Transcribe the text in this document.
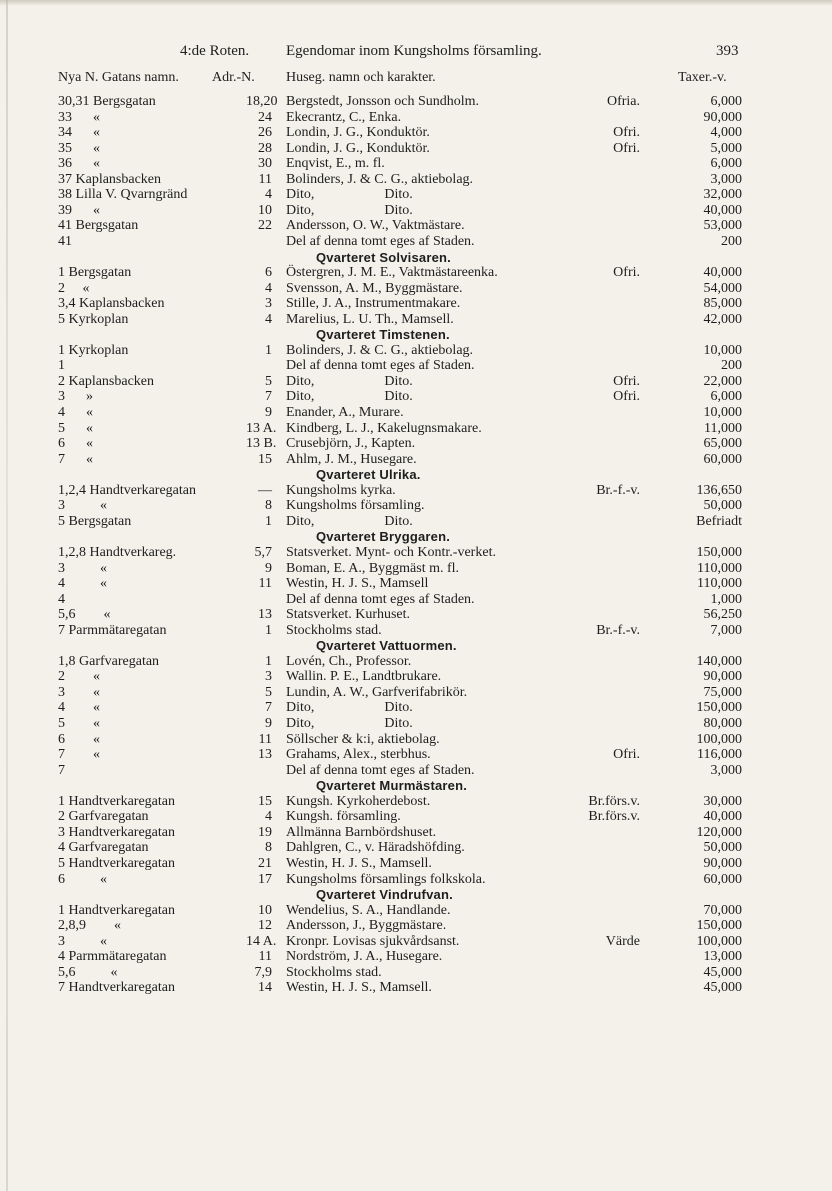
4:de Roten. Egendomar inom Kungsholms församling.	393
Nya N. Gatans namn. Adr.-N. Huseg. namn och karakter.	Taxer.-v.
30,31 Bergsgatan	18,20 Bergstedt, Jonsson och Sundholm.	Ofria.	6,000
33      «	24 Ekecrantz, C., Enka.	90,000
34      «	26 Londin, J. G., Konduktör.	Ofri.	4,000
35      «	28 Londin, J. G., Konduktör.	Ofri.	5,000
36      «	30 Enqvist, E., m. fl.	6,000
37 Kaplansbacken	11 Bolinders, J. & C. G., aktiebolag.	3,000
38 Lilla V. Qvarngränd	4 Dito,                    Dito.	32,000
39      «	10 Dito,                    Dito.	40,000
41 Bergsgatan	22 Andersson, O. W., Vaktmästare.	53,000
41	Del af denna tomt eges af Staden.	200
Qvarteret Solvisaren.
1 Bergsgatan	6 Östergren, J. M. E., Vaktmästareenka.	Ofri.	40,000
2     «	4 Svensson, A. M., Byggmästare.	54,000
3,4 Kaplansbacken	3 Stille, J. A., Instrumentmakare.	85,000
5 Kyrkoplan	4 Marelius, L. U. Th., Mamsell.	42,000
Qvarteret Timstenen.
1 Kyrkoplan	1 Bolinders, J. & C. G., aktiebolag.	10,000
1	Del af denna tomt eges af Staden.	200
2 Kaplansbacken	5 Dito,                    Dito.	Ofri.	22,000
3      »	7 Dito,                    Dito.	Ofri.	6,000
4      «	9 Enander, A., Murare.	10,000
5      «	13 A. Kindberg, L. J., Kakelugnsmakare.	11,000
6      «	13 B. Crusebjörn, J., Kapten.	65,000
7      «	15 Ahlm, J. M., Husegare.	60,000
Qvarteret Ulrika.
1,2,4 Handtverkaregatan	— Kungsholms kyrka.	Br.-f.-v.	136,650
3          «	8 Kungsholms församling.	50,000
5 Bergsgatan	1 Dito,                    Dito.	Befriadt
Qvarteret Bryggaren.
1,2,8 Handtverkareg.	5,7 Statsverket. Mynt- och Kontr.-verket.	150,000
3          «	9 Boman, E. A., Byggmäst m. fl.	110,000
4          «	11 Westin, H. J. S., Mamsell	110,000
4	Del af denna tomt eges af Staden.	1,000
5,6        «	13 Statsverket. Kurhuset.	56,250
7 Parmmätaregatan	1 Stockholms stad.	Br.-f.-v.	7,000
Qvarteret Vattuormen.
1,8 Garfvaregatan	1 Lovén, Ch., Professor.	140,000
2        «	3 Wallin. P. E., Landtbrukare.	90,000
3        «	5 Lundin, A. W., Garfverifabrikör.	75,000
4        «	7 Dito,                    Dito.	150,000
5        «	9 Dito,                    Dito.	80,000
6        «	11 Söllscher & k:i, aktiebolag.	100,000
7        «	13 Grahams, Alex., sterbhus.	Ofri.	116,000
7	Del af denna tomt eges af Staden.	3,000
Qvarteret Murmästaren.
1 Handtverkaregatan	15 Kungsh. Kyrkoherdebost.	Br.förs.v.	30,000
2 Garfvaregatan	4 Kungsh. församling.	Br.förs.v.	40,000
3 Handtverkaregatan	19 Allmänna Barnbördshuset.	120,000
4 Garfvaregatan	8 Dahlgren, C., v. Häradshöfding.	50,000
5 Handtverkaregatan	21 Westin, H. J. S., Mamsell.	90,000
6          «	17 Kungsholms församlings folkskola.	60,000
Qvarteret Vindrufvan.
1 Handtverkaregatan	10 Wendelius, S. A., Handlande.	70,000
2,8,9        «	12 Andersson, J., Byggmästare.	150,000
3          «	14 A. Kronpr. Lovisas sjukvårdsanst.	Värde	100,000
4 Parmmätaregatan	11 Nordström, J. A., Husegare.	13,000
5,6          «	7,9 Stockholms stad.	45,000
7 Handtverkaregatan	14 Westin, H. J. S., Mamsell.	45,000
